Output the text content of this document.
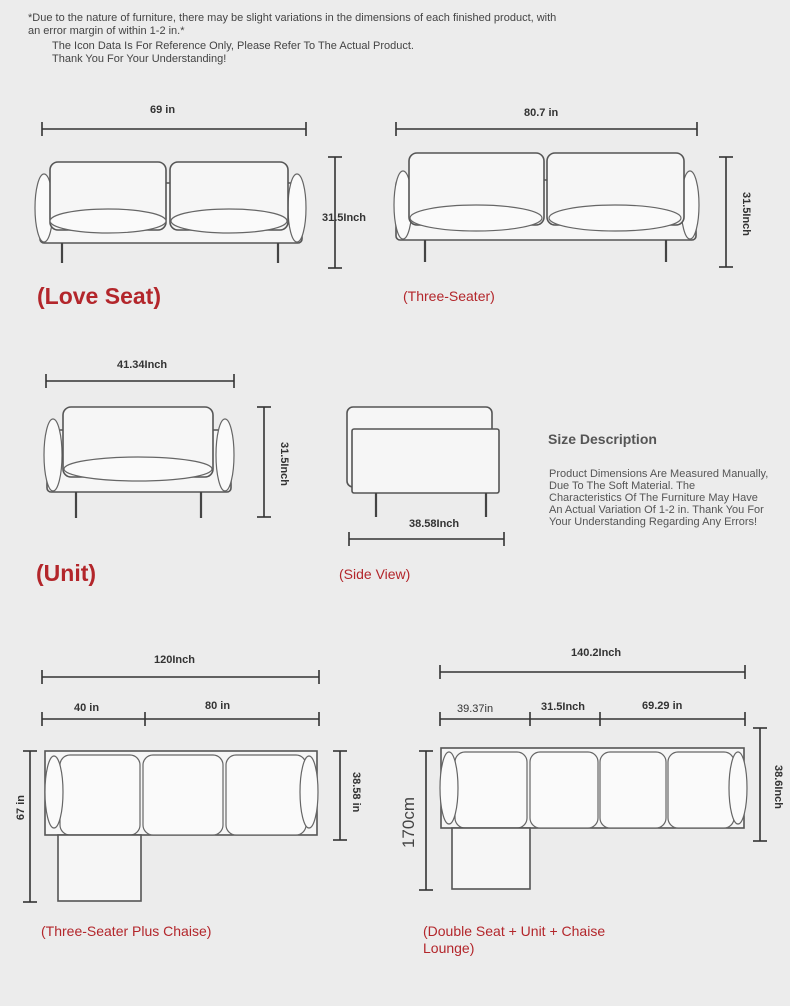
*Due to the nature of furniture, there may be slight variations in the dimensions of each finished product, with
an error margin of within 1-2 in.*
The Icon Data Is For Reference Only, Please Refer To The Actual Product.
Thank You For Your Understanding!
69 in
31.5Inch
(Love Seat)
80.7 in
31.5Inch
(Three-Seater)
41.34Inch
31.5Inch
(Unit)
38.58Inch
(Side View)
Size Description
Product Dimensions Are Measured Manually, Due To The Soft Material. The Characteristics Of The Furniture May Have An Actual Variation Of 1-2 in. Thank You For Your Understanding Regarding Any Errors!
120Inch
40 in	80 in
38.58 in
67 in
(Three-Seater Plus Chaise)
140.2Inch
39.37in	31.5Inch	69.29 in
38.6Inch
170cm
(Double Seat + Unit + Chaise Lounge)
